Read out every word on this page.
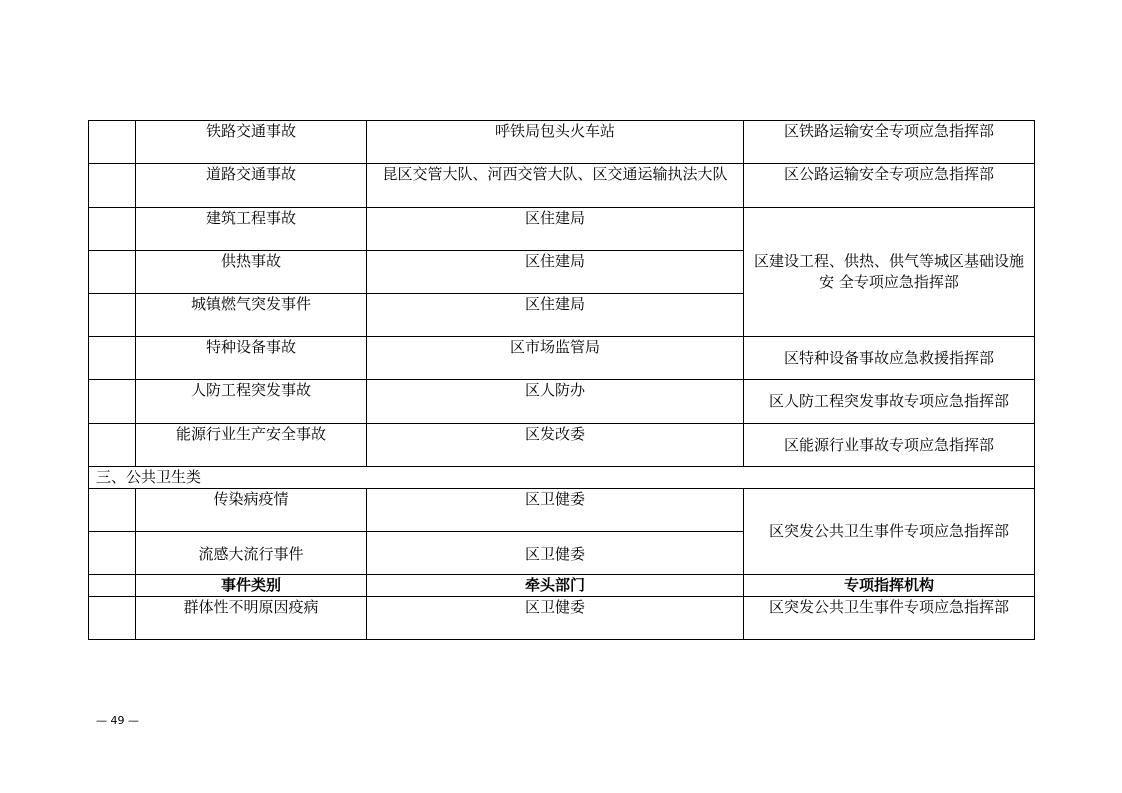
	铁路交通事故	呼铁局包头火车站	区铁路运输安全专项应急指挥部
	道路交通事故	昆区交管大队、河西交管大队、区交通运输执法大队	区公路运输安全专项应急指挥部
	建筑工程事故	区住建局	区建设工程、供热、供气等城区基础设施安 全专项应急指挥部
	供热事故	区住建局	
	城镇燃气突发事件	区住建局	
	特种设备事故	区市场监管局	区特种设备事故应急救援指挥部
	人防工程突发事故	区人防办	区人防工程突发事故专项应急指挥部
	能源行业生产安全事故	区发改委	区能源行业事故专项应急指挥部
三、公共卫生类			
	传染病疫情	区卫健委	区突发公共卫生事件专项应急指挥部
	流感大流行事件	区卫健委	
	事件类别	牵头部门	专项指挥机构
	群体性不明原因疫病	区卫健委	区突发公共卫生事件专项应急指挥部
— 49 —
